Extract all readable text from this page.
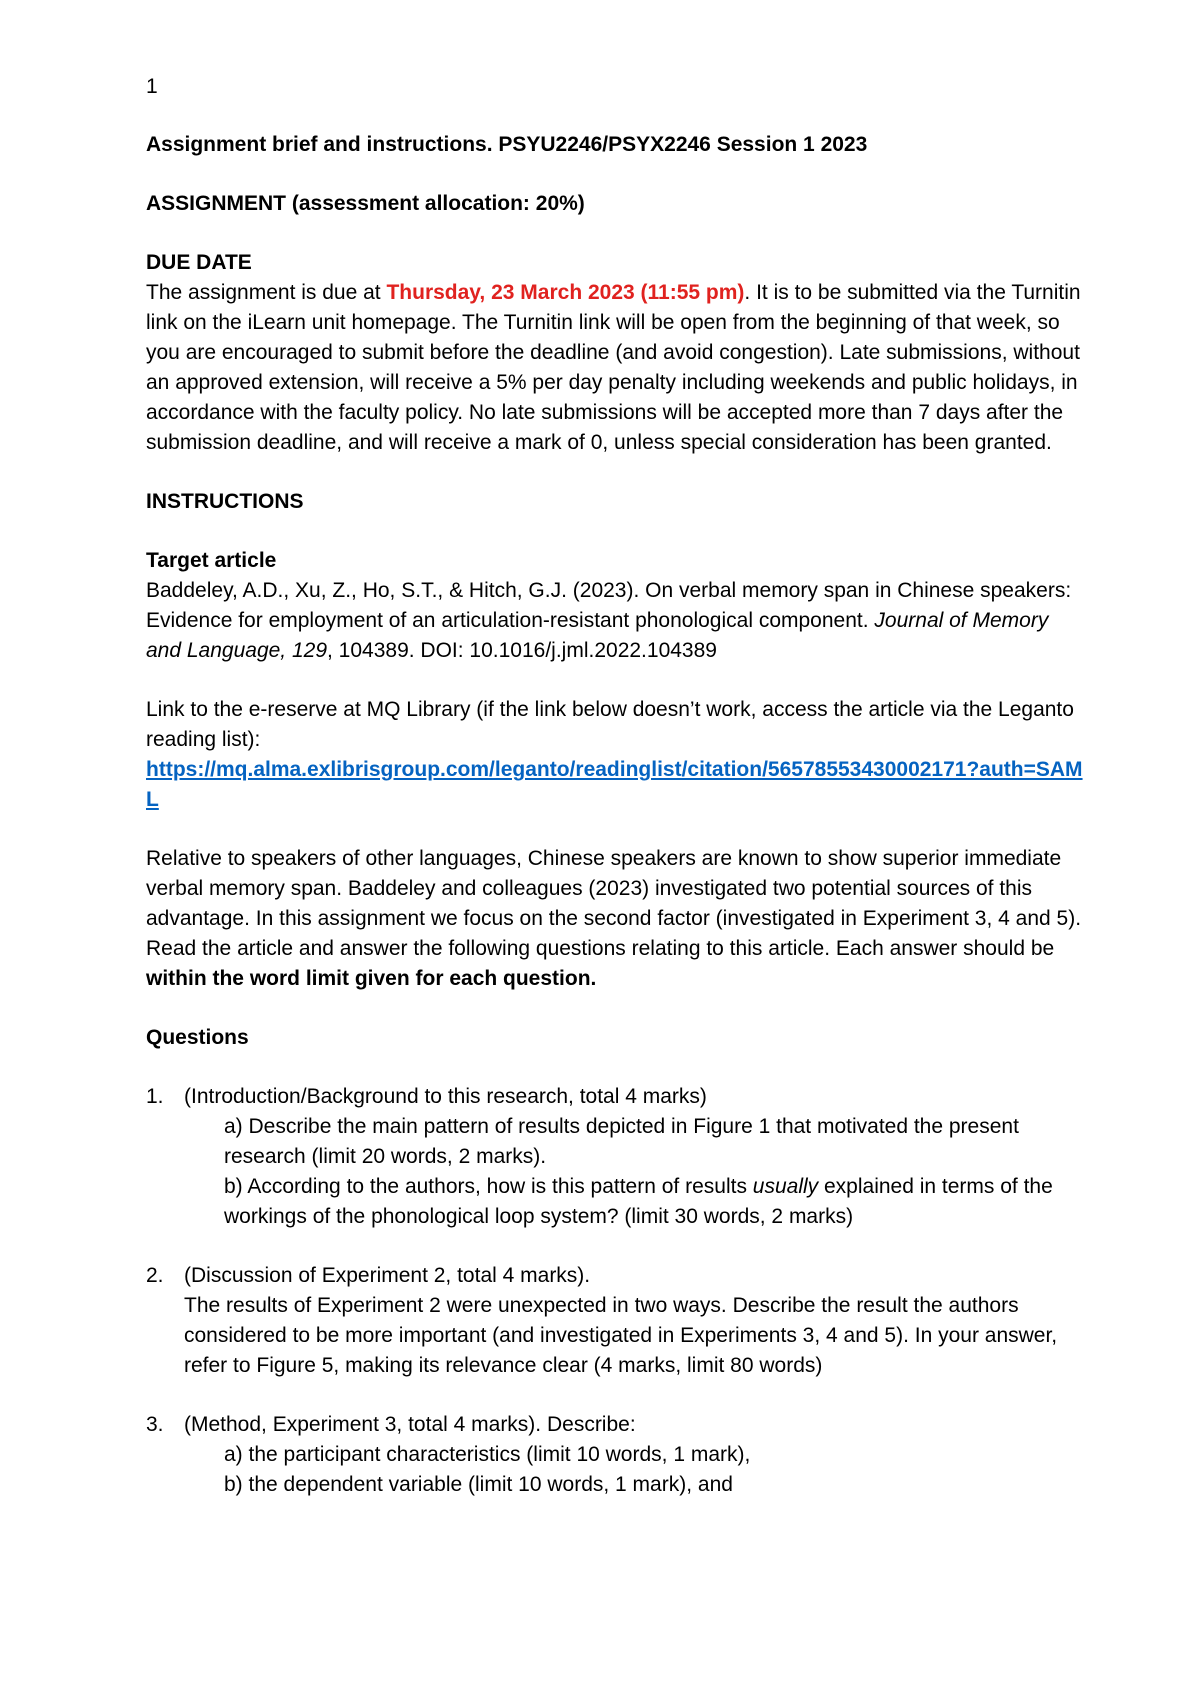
1

Assignment brief and instructions. PSYU2246/PSYX2246 Session 1 2023

ASSIGNMENT (assessment allocation: 20%)

DUE DATE

The assignment is due at Thursday, 23 March 2023 (11:55 pm). It is to be submitted via the Turnitin link on the iLearn unit homepage. The Turnitin link will be open from the beginning of that week, so you are encouraged to submit before the deadline (and avoid congestion). Late submissions, without an approved extension, will receive a 5% per day penalty including weekends and public holidays, in accordance with the faculty policy. No late submissions will be accepted more than 7 days after the submission deadline, and will receive a mark of 0, unless special consideration has been granted.

INSTRUCTIONS

Target article

Baddeley, A.D., Xu, Z., Ho, S.T., & Hitch, G.J. (2023). On verbal memory span in Chinese speakers: Evidence for employment of an articulation-resistant phonological component. Journal of Memory and Language, 129, 104389. DOI: 10.1016/j.jml.2022.104389

Link to the e-reserve at MQ Library (if the link below doesn’t work, access the article via the Leganto reading list):

https://mq.alma.exlibrisgroup.com/leganto/readinglist/citation/56578553430002171?auth=SAML

Relative to speakers of other languages, Chinese speakers are known to show superior immediate verbal memory span. Baddeley and colleagues (2023) investigated two potential sources of this advantage. In this assignment we focus on the second factor (investigated in Experiment 3, 4 and 5). Read the article and answer the following questions relating to this article. Each answer should be within the word limit given for each question.

Questions

1. (Introduction/Background to this research, total 4 marks)

a) Describe the main pattern of results depicted in Figure 1 that motivated the present research (limit 20 words, 2 marks).

b) According to the authors, how is this pattern of results usually explained in terms of the workings of the phonological loop system? (limit 30 words, 2 marks)

2. (Discussion of Experiment 2, total 4 marks).

The results of Experiment 2 were unexpected in two ways. Describe the result the authors considered to be more important (and investigated in Experiments 3, 4 and 5). In your answer, refer to Figure 5, making its relevance clear (4 marks, limit 80 words)

3. (Method, Experiment 3, total 4 marks). Describe:

a) the participant characteristics (limit 10 words, 1 mark),

b) the dependent variable (limit 10 words, 1 mark), and
